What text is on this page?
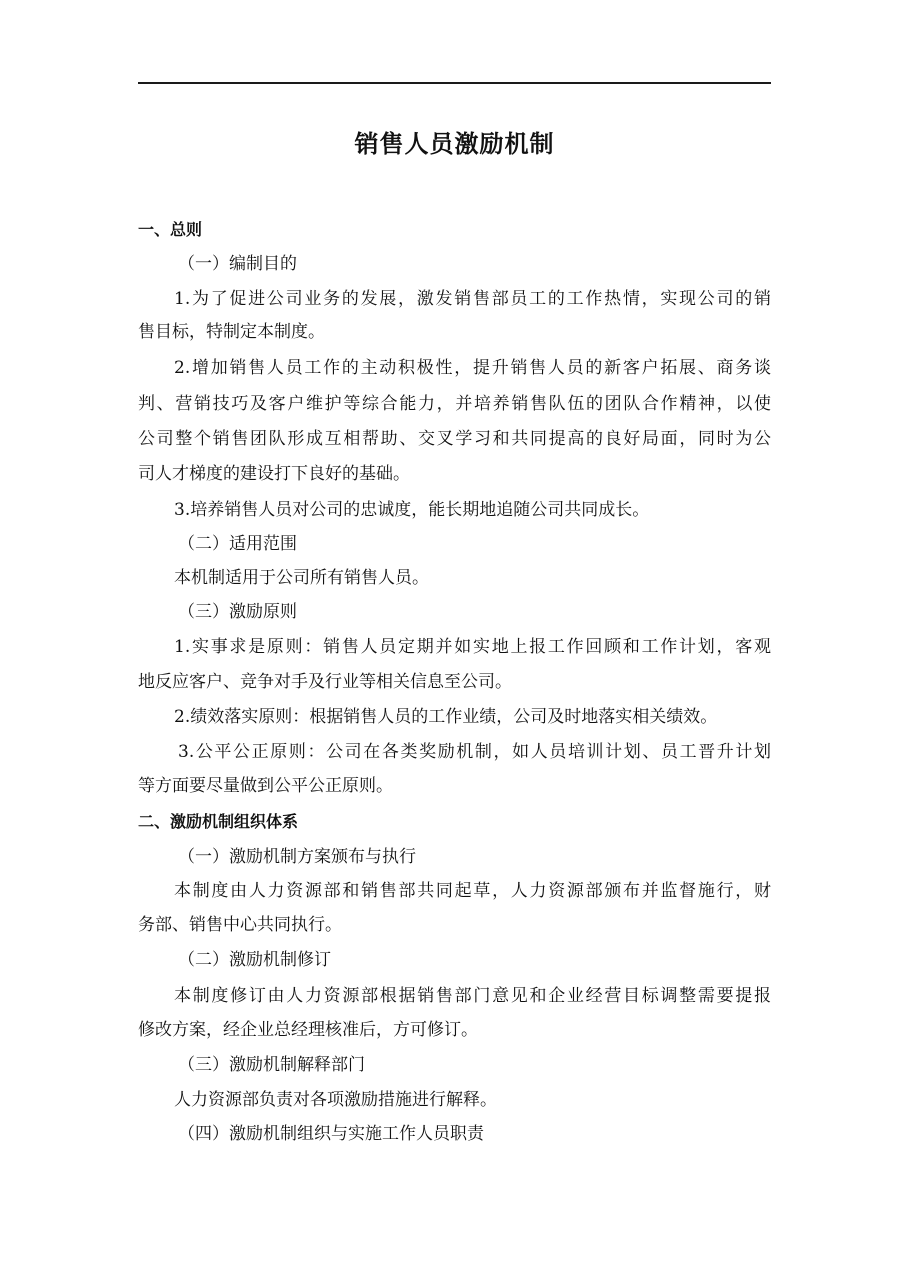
销售人员激励机制
一、总则
（一）编制目的
1.为了促进公司业务的发展，激发销售部员工的工作热情，实现公司的销
售目标，特制定本制度。
2.增加销售人员工作的主动积极性，提升销售人员的新客户拓展、商务谈
判、营销技巧及客户维护等综合能力，并培养销售队伍的团队合作精神，以使
公司整个销售团队形成互相帮助、交叉学习和共同提高的良好局面，同时为公
司人才梯度的建设打下良好的基础。
3.培养销售人员对公司的忠诚度，能长期地追随公司共同成长。
（二）适用范围
本机制适用于公司所有销售人员。
（三）激励原则
1.实事求是原则：销售人员定期并如实地上报工作回顾和工作计划，客观
地反应客户、竞争对手及行业等相关信息至公司。
2.绩效落实原则：根据销售人员的工作业绩，公司及时地落实相关绩效。
3.公平公正原则：公司在各类奖励机制，如人员培训计划、员工晋升计划
等方面要尽量做到公平公正原则。
二、激励机制组织体系
（一）激励机制方案颁布与执行
本制度由人力资源部和销售部共同起草，人力资源部颁布并监督施行，财
务部、销售中心共同执行。
（二）激励机制修订
本制度修订由人力资源部根据销售部门意见和企业经营目标调整需要提报
修改方案，经企业总经理核准后，方可修订。
（三）激励机制解释部门
人力资源部负责对各项激励措施进行解释。
（四）激励机制组织与实施工作人员职责
